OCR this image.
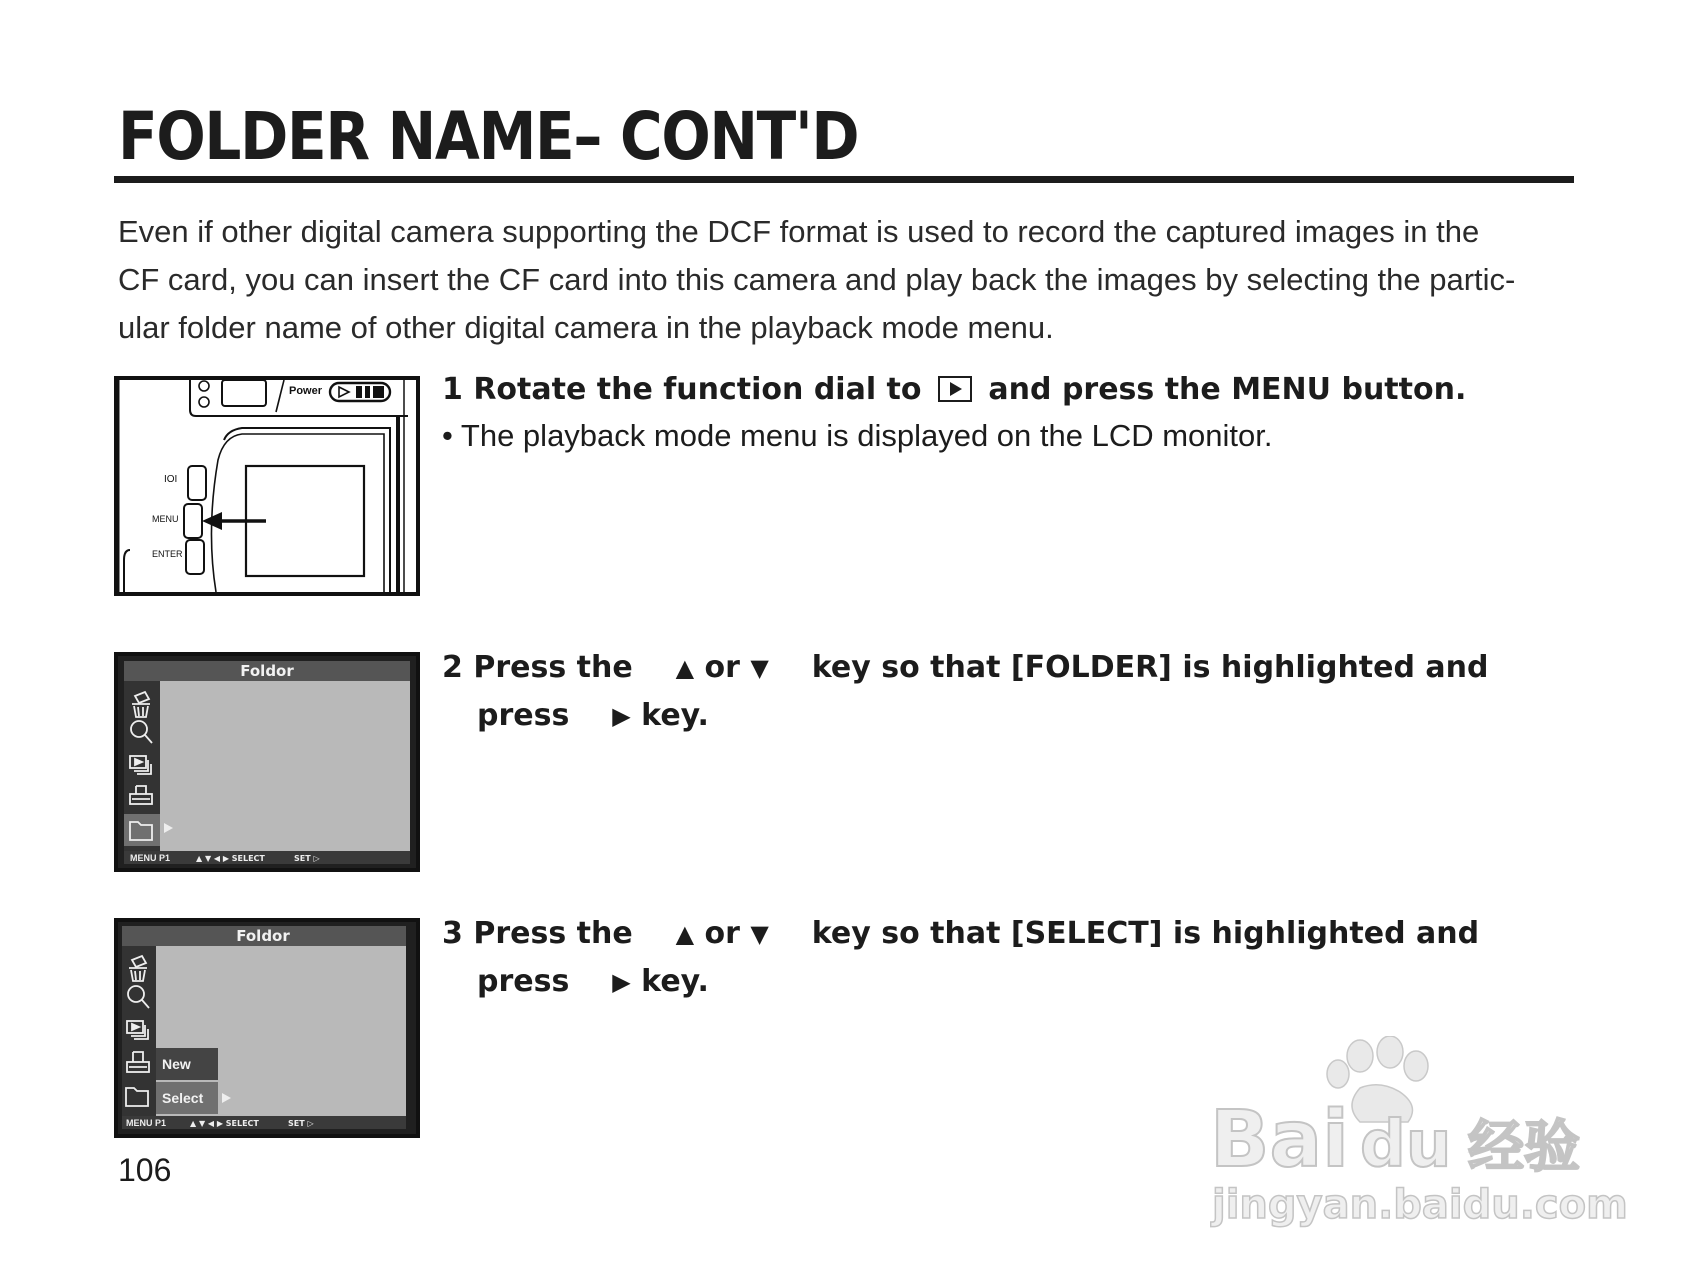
FOLDER NAME– CONT'D

Even if other digital camera supporting the DCF format is used to record the captured images in the

CF card, you can insert the CF card into this camera and play back the images by selecting the partic-

ular folder name of other digital camera in the playback mode menu.

Power
IOI
MENU
ENTER
Foldor
MENU P1	▲ ▼ ◀ ▶ SELECT	SET ▷
Foldor
New
Select
MENU P1	▲ ▼ ◀ ▶ SELECT	SET ▷
1 Rotate the function dial to and press the MENU button.
• The playback mode menu is displayed on the LCD monitor.
2 Press the ▲ or ▼ key so that [FOLDER] is highlighted and
press ▶ key.
3 Press the ▲ or ▼ key so that [SELECT] is highlighted and
press ▶ key.
106	Bai du 经验
jingyan.baidu.com
